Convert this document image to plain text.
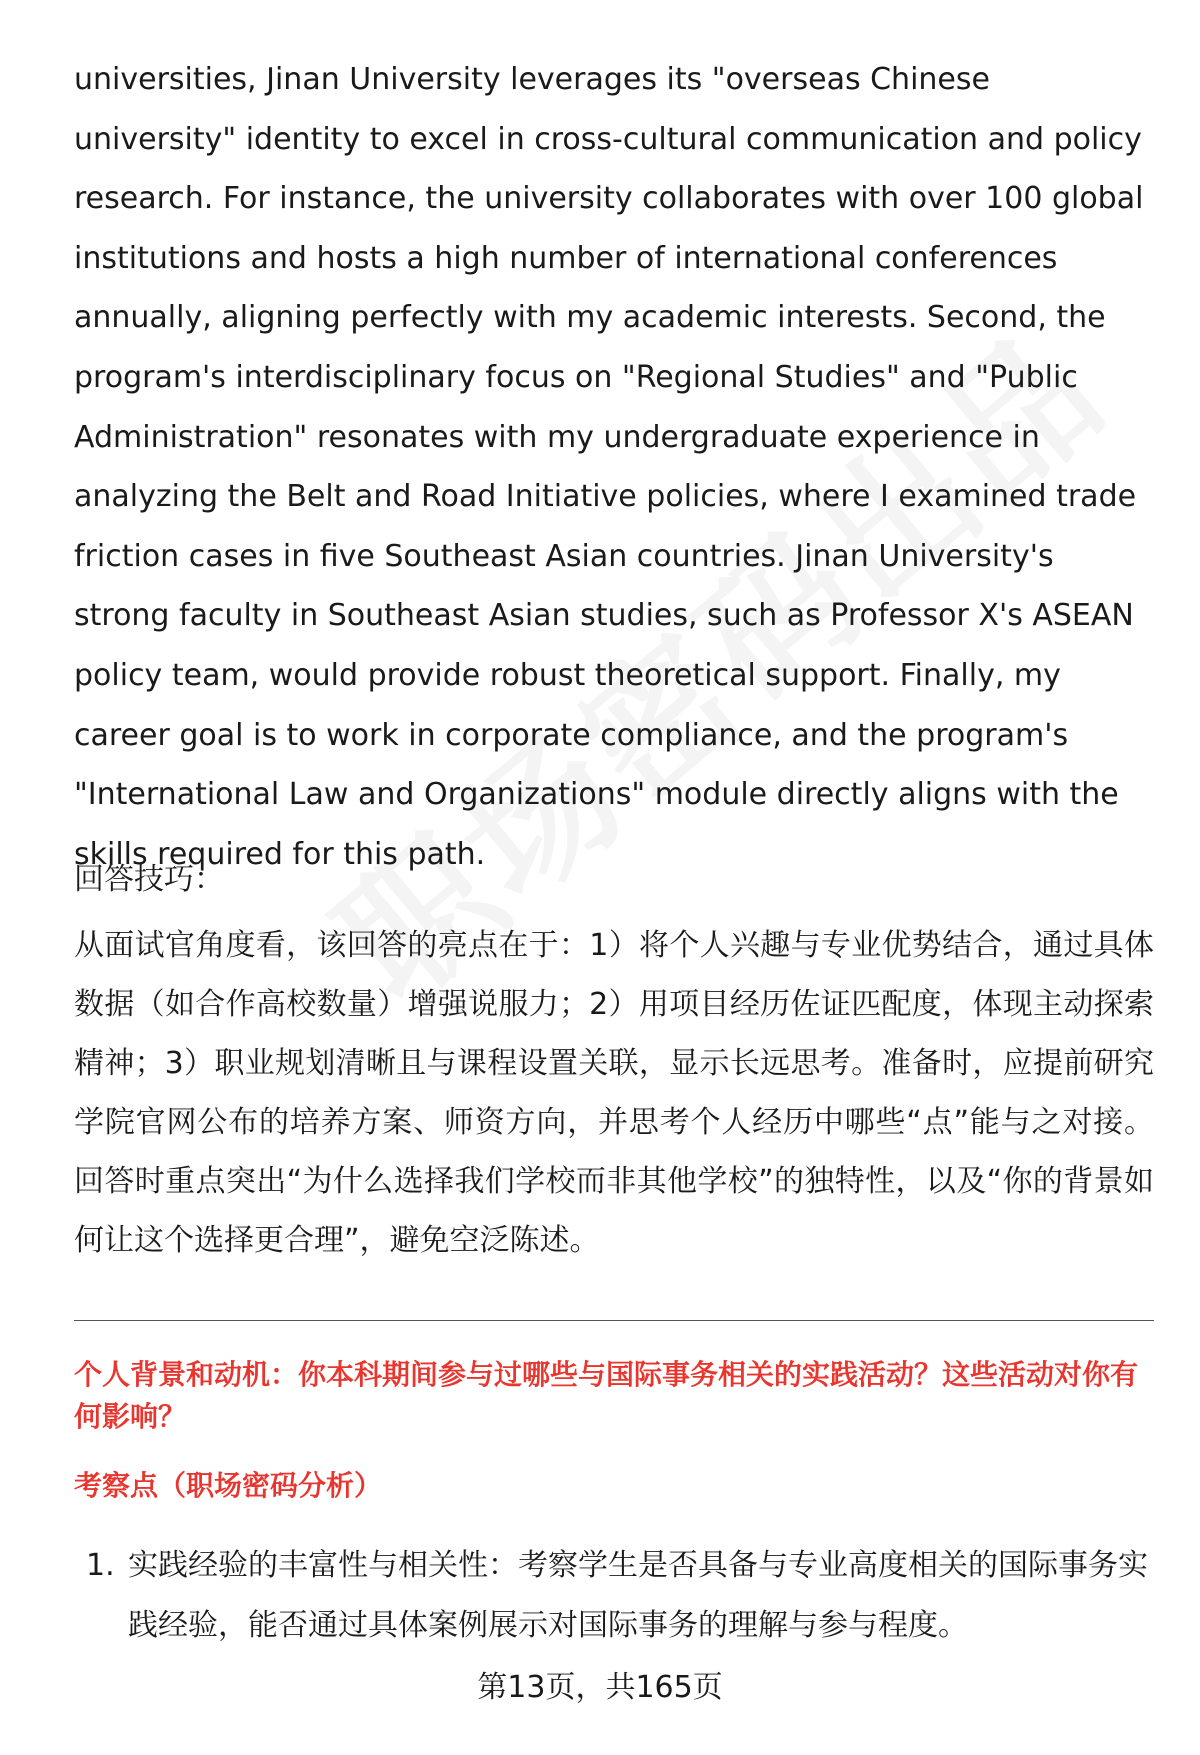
universities, Jinan University leverages its "overseas Chinese university" identity to excel in cross-cultural communication and policy research. For instance, the university collaborates with over 100 global institutions and hosts a high number of international conferences annually, aligning perfectly with my academic interests. Second, the program's interdisciplinary focus on "Regional Studies" and "Public Administration" resonates with my undergraduate experience in analyzing the Belt and Road Initiative policies, where I examined trade friction cases in five Southeast Asian countries. Jinan University's strong faculty in Southeast Asian studies, such as Professor X's ASEAN policy team, would provide robust theoretical support. Finally, my career goal is to work in corporate compliance, and the program's "International Law and Organizations" module directly aligns with the skills required for this path.

回答技巧：

从面试官角度看，该回答的亮点在于：1）将个人兴趣与专业优势结合，通过具体数据（如合作高校数量）增强说服力；2）用项目经历佐证匹配度，体现主动探索精神；3）职业规划清晰且与课程设置关联，显示长远思考。准备时，应提前研究学院官网公布的培养方案、师资方向，并思考个人经历中哪些“点”能与之对接。回答时重点突出“为什么选择我们学校而非其他学校”的独特性，以及“你的背景如何让这个选择更合理”，避免空泛陈述。

个人背景和动机：你本科期间参与过哪些与国际事务相关的实践活动？这些活动对你有何影响？

考察点（职场密码分析）

1. 实践经验的丰富性与相关性：考察学生是否具备与专业高度相关的国际事务实践经验，能否通过具体案例展示对国际事务的理解与参与程度。

第13页，共165页
